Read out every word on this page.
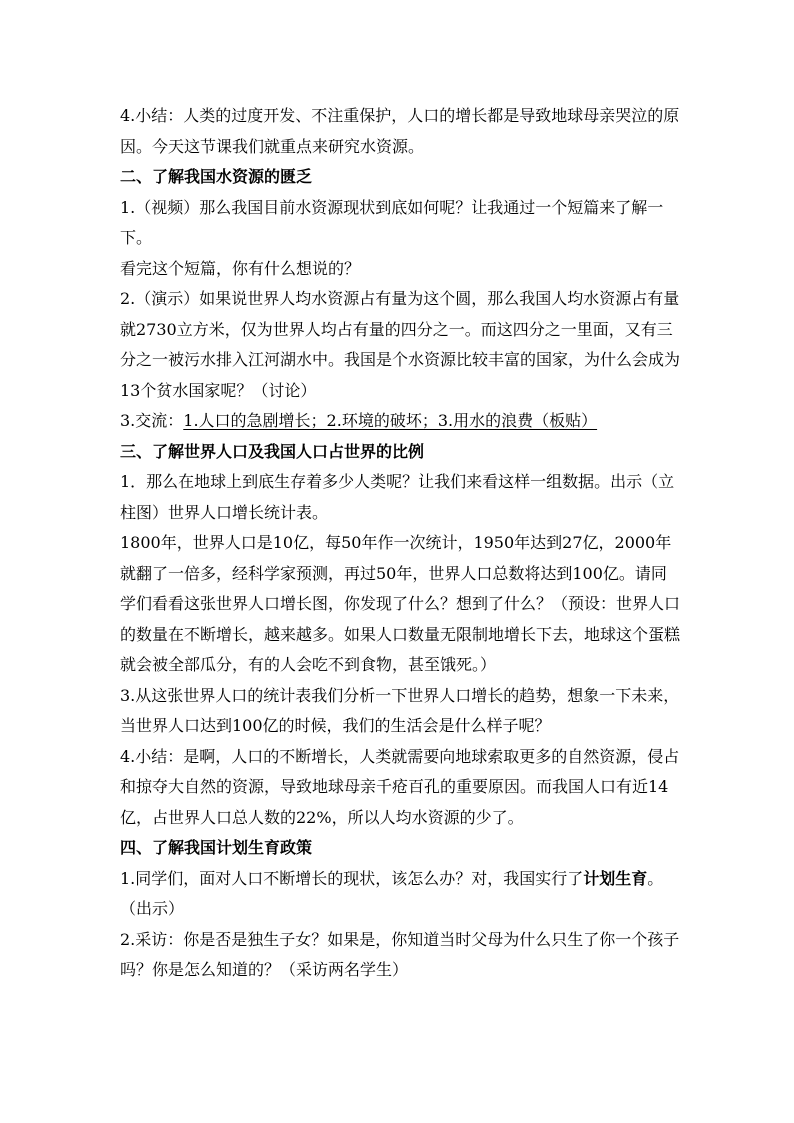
4.小结：人类的过度开发、不注重保护，人口的增长都是导致地球母亲哭泣的原因。今天这节课我们就重点来研究水资源。

二、了解我国水资源的匮乏

1.（视频）那么我国目前水资源现状到底如何呢？让我通过一个短篇来了解一下。

看完这个短篇，你有什么想说的？

2.（演示）如果说世界人均水资源占有量为这个圆，那么我国人均水资源占有量就2730立方米，仅为世界人均占有量的四分之一。而这四分之一里面，又有三分之一被污水排入江河湖水中。我国是个水资源比较丰富的国家，为什么会成为13个贫水国家呢？（讨论）

3.交流：1.人口的急剧增长；2.环境的破坏；3.用水的浪费（板贴）

三、了解世界人口及我国人口占世界的比例

1．那么在地球上到底生存着多少人类呢？让我们来看这样一组数据。出示（立柱图）世界人口增长统计表。

1800年，世界人口是10亿，每50年作一次统计，1950年达到27亿，2000年就翻了一倍多，经科学家预测，再过50年，世界人口总数将达到100亿。请同学们看看这张世界人口增长图，你发现了什么？想到了什么？（预设：世界人口的数量在不断增长，越来越多。如果人口数量无限制地增长下去，地球这个蛋糕就会被全部瓜分，有的人会吃不到食物，甚至饿死。）

3.从这张世界人口的统计表我们分析一下世界人口增长的趋势，想象一下未来，当世界人口达到100亿的时候，我们的生活会是什么样子呢？

4.小结：是啊，人口的不断增长，人类就需要向地球索取更多的自然资源，侵占和掠夺大自然的资源，导致地球母亲千疮百孔的重要原因。而我国人口有近14亿，占世界人口总人数的22%，所以人均水资源的少了。

四、了解我国计划生育政策

1.同学们，面对人口不断增长的现状，该怎么办？对，我国实行了计划生育。（出示）

2.采访：你是否是独生子女？如果是，你知道当时父母为什么只生了你一个孩子吗？你是怎么知道的？（采访两名学生）
